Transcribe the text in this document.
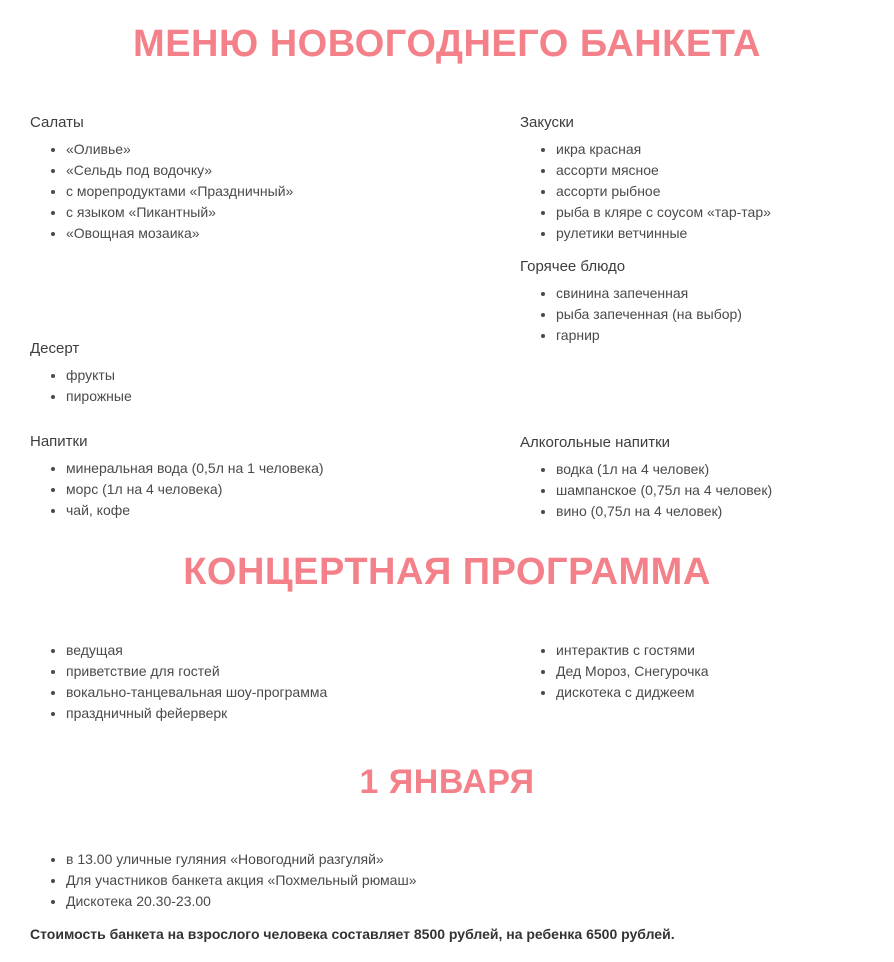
МЕНЮ НОВОГОДНЕГО БАНКЕТА
Салаты
• «Оливье»
• «Сельдь под водочку»
• с морепродуктами «Праздничный»
• с языком «Пикантный»
• «Овощная мозаика»
Десерт
• фрукты
• пирожные
Напитки
• минеральная вода (0,5л на 1 человека)
• морс (1л на 4 человека)
• чай, кофе
Закуски
• икра красная
• ассорти мясное
• ассорти рыбное
• рыба в кляре с соусом «тар-тар»
• рулетики ветчинные
Горячее блюдо
• свинина запеченная
• рыба запеченная (на выбор)
• гарнир
Алкогольные напитки
• водка (1л на 4 человек)
• шампанское (0,75л на 4 человек)
• вино (0,75л на 4 человек)
КОНЦЕРТНАЯ ПРОГРАММА
• ведущая
• приветствие для гостей
• вокально-танцевальная шоу-программа
• праздничный фейерверк
• интерактив с гостями
• Дед Мороз, Снегурочка
• дискотека с диджеем
1 ЯНВАРЯ
• в 13.00 уличные гуляния «Новогодний разгуляй»
• Для участников банкета акция «Похмельный рюмаш»
• Дискотека 20.30-23.00
Стоимость банкета на взрослого человека составляет 8500 рублей, на ребенка 6500 рублей.
